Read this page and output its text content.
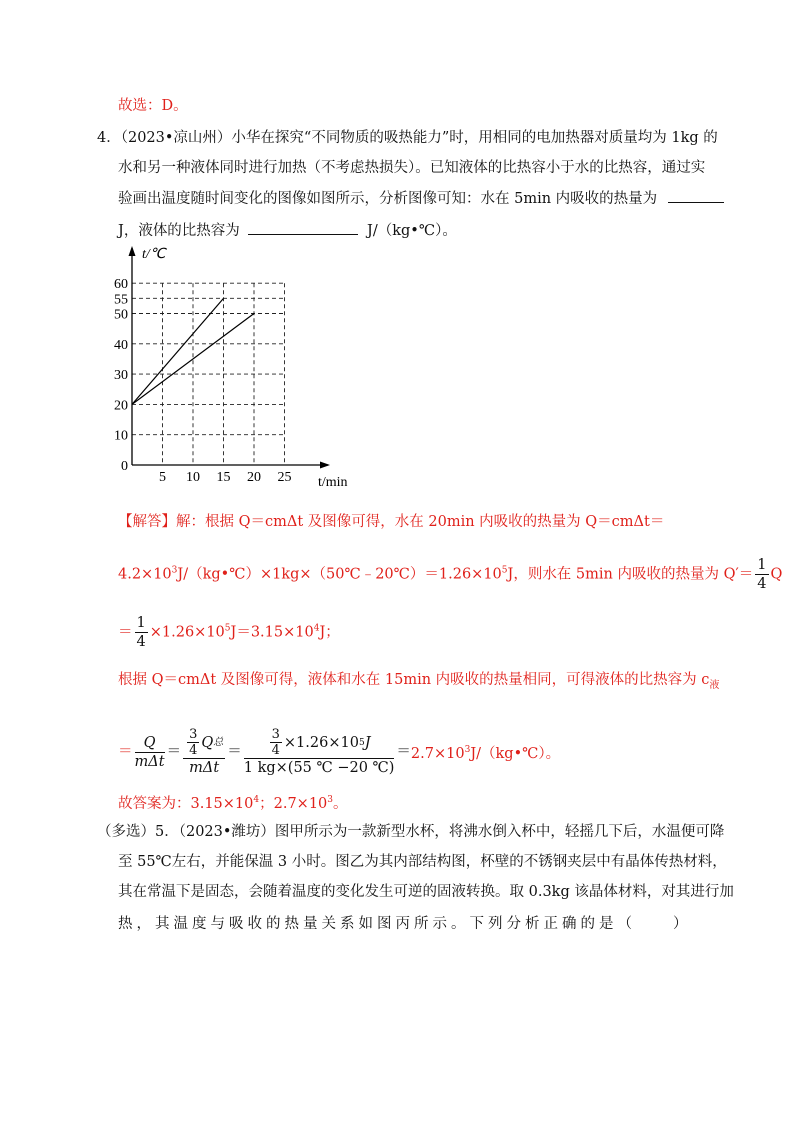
故选：D。
4．（2023•凉山州）小华在探究“不同物质的吸热能力”时，用相同的电加热器对质量均为 1kg 的
水和另一种液体同时进行加热（不考虑热损失）。已知液体的比热容小于水的比热容，通过实
验画出温度随时间变化的图像如图所示，分析图像可知：水在 5min 内吸收的热量为
J，液体的比热容为	J/（kg•℃）。
t/℃
t/min
5 10 15 20 25
10
20
30
40
50
55
60
0
【解答】解：根据 Q＝cmΔt 及图像可得，水在 20min 内吸收的热量为 Q＝cmΔt＝
$4.2\times 10^3J/(kg•℃)\times 1kg\times(50℃﹣20℃)=1.26\times 10^5J$，则水在 5min 内吸收的热量为 $Q'= \frac{1}{4}$ Q
＝ $\frac{1}{4} \times 1.26\times 10^5J=3.15\times 10^4J$；
根据 Q＝cmΔt 及图像可得，液体和水在 15min 内吸收的热量相同，可得液体的比热容为 $c_液$
＝ $\frac{Q}{\text{mΔt}} = \frac{\frac{3}{4} Q 总}{\text{mΔt}} = \frac{\frac{3}{4} \times 1.26\times 10 5 J}{1 kg\times(55 ℃ -20 ℃)}$ ＝ $2.7\times 10^3J/(kg•℃)$。
故答案为：$3.15\times 10^4$；$2.7\times 10^3$。
（多选）5．（2023•潍坊）图甲所示为一款新型水杯，将沸水倒入杯中，轻摇几下后，水温便可降
至 55℃左右，并能保温 3 小时。图乙为其内部结构图，杯壁的不锈钢夹层中有晶体传热材料，
其在常温下是固态，会随着温度的变化发生可逆的固液转换。取 0.3kg 该晶体材料，对其进行加
热，其温度与吸收的热量关系如图丙所示。下列分析正确的是（　　）
